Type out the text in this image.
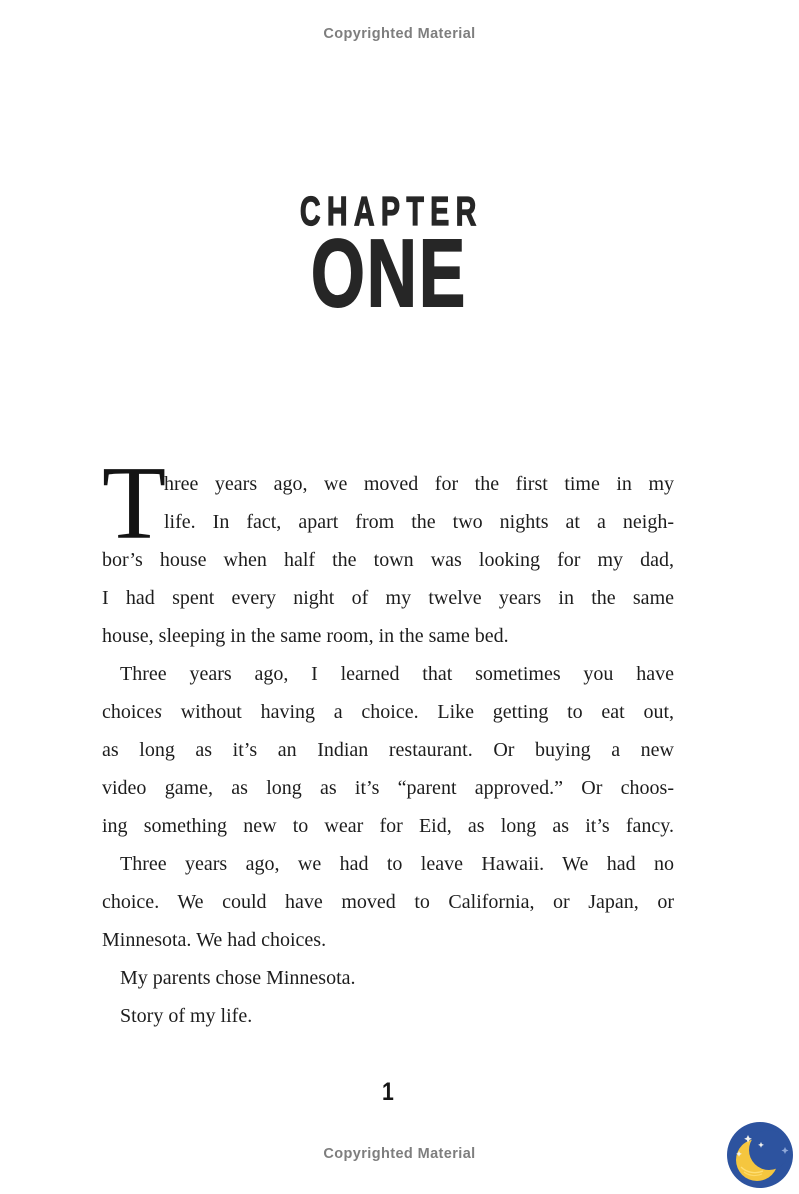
Copyrighted Material
CHAPTER
ONE
T
hree years ago, we moved for the first time in my
life. In fact, apart from the two nights at a neigh-
bor’s house when half the town was looking for my dad,
I had spent every night of my twelve years in the same
house, sleeping in the same room, in the same bed.
Three years ago, I learned that sometimes you have
choices without having a choice. Like getting to eat out,
as long as it’s an Indian restaurant. Or buying a new
video game, as long as it’s “parent approved.” Or choos-
ing something new to wear for Eid, as long as it’s fancy.
Three years ago, we had to leave Hawaii. We had no
choice. We could have moved to California, or Japan, or
Minnesota. We had choices.
My parents chose Minnesota.
Story of my life.
1
Copyrighted Material
